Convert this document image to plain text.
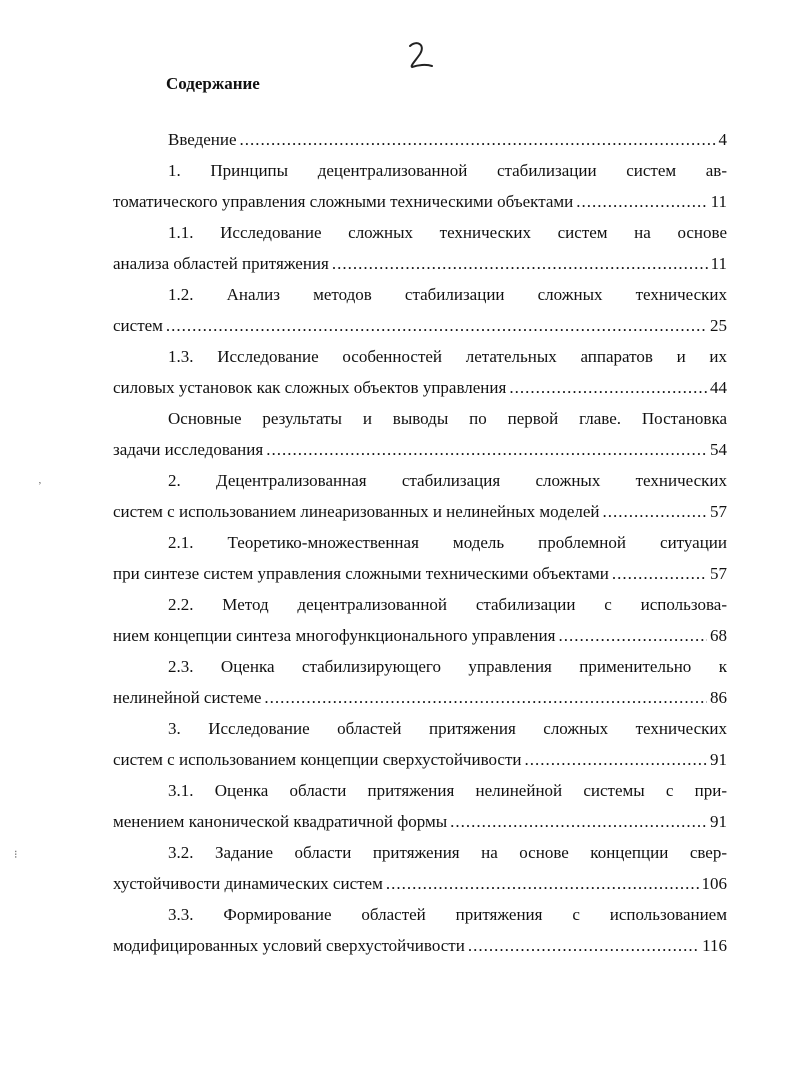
Содержание
Введение .....	4
1. Принципы децентрализованной стабилизации систем ав-
томатического управления сложными техническими объектами .....	11
1.1. Исследование сложных технических систем на основе
анализа областей притяжения .....	11
1.2. Анализ методов стабилизации сложных технических
систем .....	25
1.3. Исследование особенностей летательных аппаратов и их
силовых установок как сложных объектов управления .....	44
Основные результаты и выводы по первой главе. Постановка
задачи исследования .....	54
2. Децентрализованная стабилизация сложных технических
систем с использованием линеаризованных и нелинейных моделей .....	57
2.1. Теоретико-множественная модель проблемной ситуации
при синтезе систем управления сложными техническими объектами .....	57
2.2. Метод децентрализованной стабилизации с использова-
нием концепции синтеза многофункционального управления .....	68
2.3. Оценка стабилизирующего управления применительно к
нелинейной системе .....	86
3. Исследование областей притяжения сложных технических
систем с использованием концепции сверхустойчивости .....	91
3.1. Оценка области притяжения нелинейной системы с при-
менением канонической квадратичной формы .....	91
3.2. Задание области притяжения на основе концепции свер-
хустойчивости динамических систем .....	106
3.3. Формирование областей притяжения с использованием
модифицированных условий сверхустойчивости .....	116
ʼ
⁝
